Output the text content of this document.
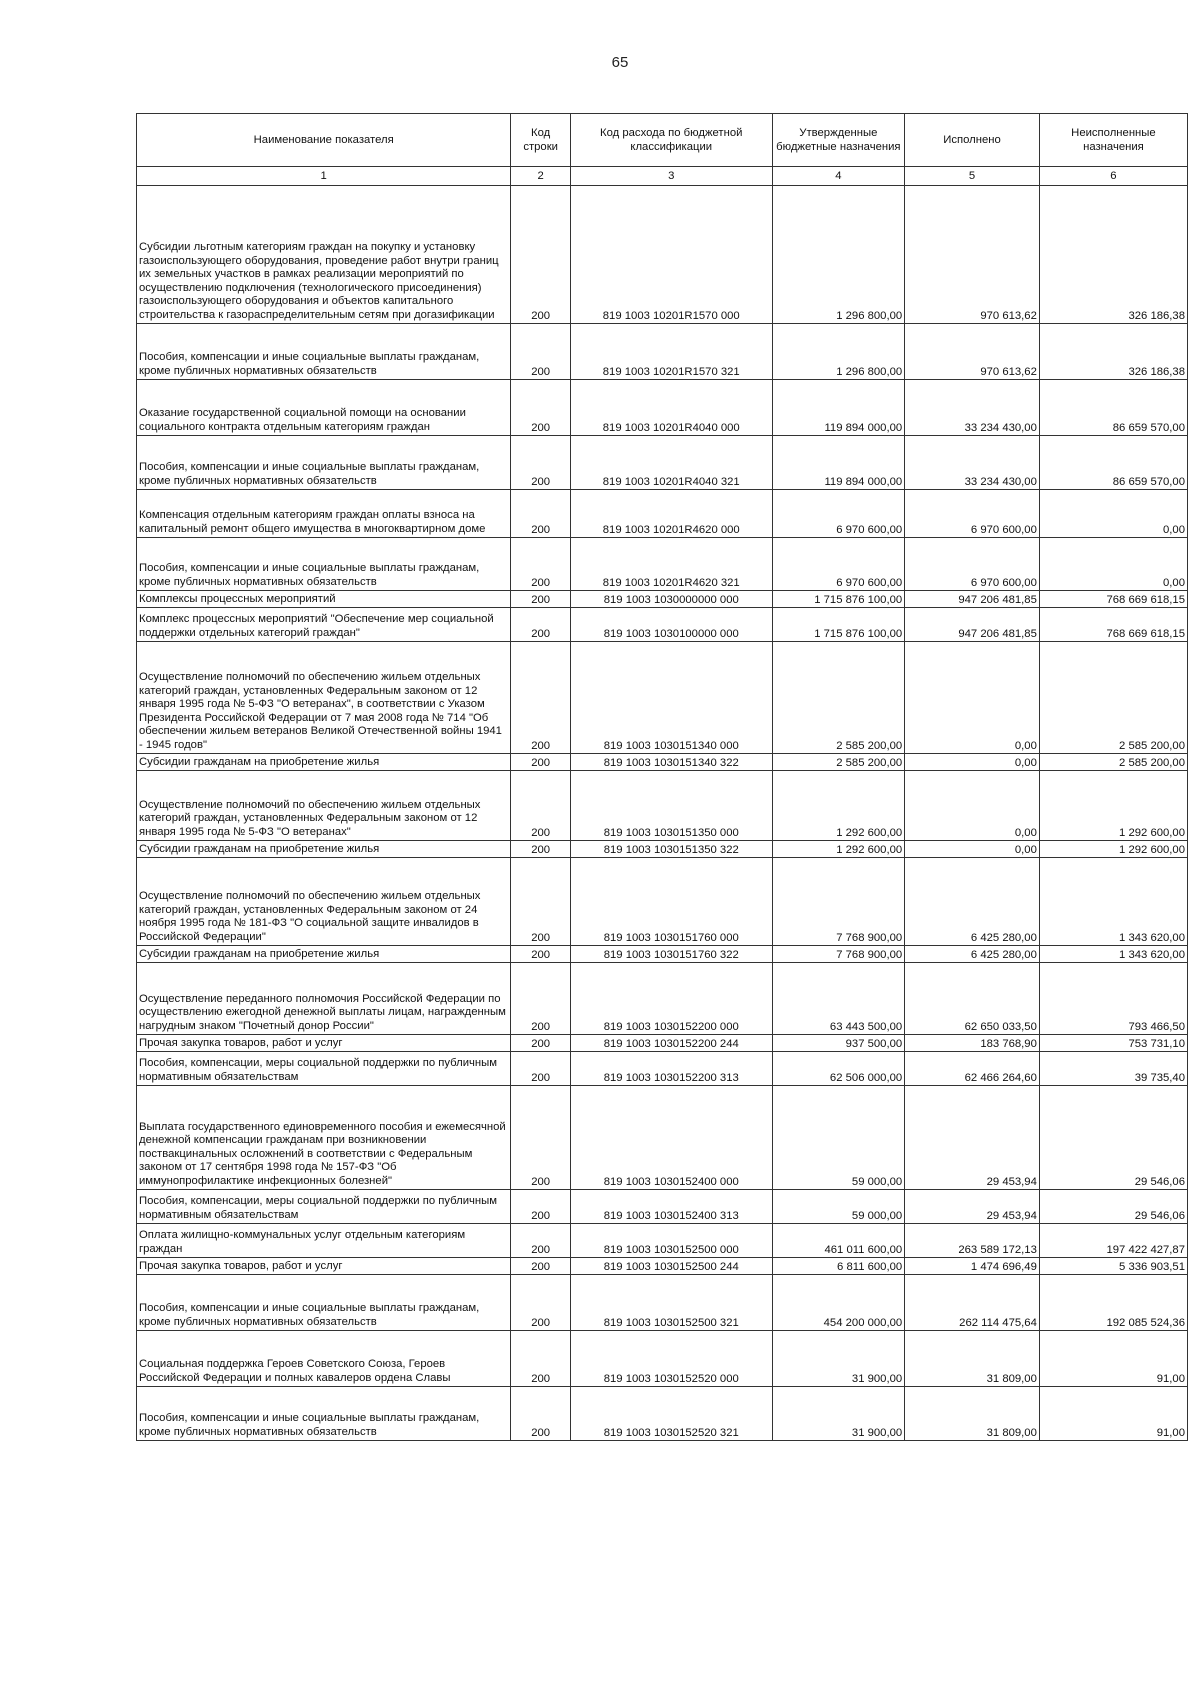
65
Наименование показателя	Код строки	Код расхода по бюджетной классификации	Утвержденные бюджетные назначения	Исполнено	Неисполненные назначения
1	2	3	4	5	6
Субсидии льготным категориям граждан на покупку и установку газоиспользующего оборудования, проведение работ внутри границ их земельных участков в рамках реализации мероприятий по осуществлению подключения (технологического присоединения) газоиспользующего оборудования и объектов капитального строительства к газораспределительным сетям при догазификации	200	819 1003 10201R1570 000	1 296 800,00	970 613,62	326 186,38
Пособия, компенсации и иные социальные выплаты гражданам, кроме публичных нормативных обязательств	200	819 1003 10201R1570 321	1 296 800,00	970 613,62	326 186,38
Оказание государственной социальной помощи на основании социального контракта отдельным категориям граждан	200	819 1003 10201R4040 000	119 894 000,00	33 234 430,00	86 659 570,00
Пособия, компенсации и иные социальные выплаты гражданам, кроме публичных нормативных обязательств	200	819 1003 10201R4040 321	119 894 000,00	33 234 430,00	86 659 570,00
Компенсация отдельным категориям граждан оплаты взноса на капитальный ремонт общего имущества в многоквартирном доме	200	819 1003 10201R4620 000	6 970 600,00	6 970 600,00	0,00
Пособия, компенсации и иные социальные выплаты гражданам, кроме публичных нормативных обязательств	200	819 1003 10201R4620 321	6 970 600,00	6 970 600,00	0,00
Комплексы процессных мероприятий	200	819 1003 1030000000 000	1 715 876 100,00	947 206 481,85	768 669 618,15
Комплекс процессных мероприятий "Обеспечение мер социальной поддержки отдельных категорий граждан"	200	819 1003 1030100000 000	1 715 876 100,00	947 206 481,85	768 669 618,15
Осуществление полномочий по обеспечению жильем отдельных категорий граждан, установленных Федеральным законом от 12 января 1995 года № 5-ФЗ "О ветеранах", в соответствии с Указом Президента Российской Федерации от 7 мая 2008 года № 714 "Об обеспечении жильем ветеранов Великой Отечественной войны 1941 - 1945 годов"	200	819 1003 1030151340 000	2 585 200,00	0,00	2 585 200,00
Субсидии гражданам на приобретение жилья	200	819 1003 1030151340 322	2 585 200,00	0,00	2 585 200,00
Осуществление полномочий по обеспечению жильем отдельных категорий граждан, установленных Федеральным законом от 12 января 1995 года № 5-ФЗ "О ветеранах"	200	819 1003 1030151350 000	1 292 600,00	0,00	1 292 600,00
Субсидии гражданам на приобретение жилья	200	819 1003 1030151350 322	1 292 600,00	0,00	1 292 600,00
Осуществление полномочий по обеспечению жильем отдельных категорий граждан, установленных Федеральным законом от 24 ноября 1995 года № 181-ФЗ "О социальной защите инвалидов в Российской Федерации"	200	819 1003 1030151760 000	7 768 900,00	6 425 280,00	1 343 620,00
Субсидии гражданам на приобретение жилья	200	819 1003 1030151760 322	7 768 900,00	6 425 280,00	1 343 620,00
Осуществление переданного полномочия Российской Федерации по осуществлению ежегодной денежной выплаты лицам, награжденным нагрудным знаком "Почетный донор России"	200	819 1003 1030152200 000	63 443 500,00	62 650 033,50	793 466,50
Прочая закупка товаров, работ и услуг	200	819 1003 1030152200 244	937 500,00	183 768,90	753 731,10
Пособия, компенсации, меры социальной поддержки по публичным нормативным обязательствам	200	819 1003 1030152200 313	62 506 000,00	62 466 264,60	39 735,40
Выплата государственного единовременного пособия и ежемесячной денежной компенсации гражданам при возникновении поствакцинальных осложнений в соответствии с Федеральным законом от 17 сентября 1998 года № 157-ФЗ "Об иммунопрофилактике инфекционных болезней"	200	819 1003 1030152400 000	59 000,00	29 453,94	29 546,06
Пособия, компенсации, меры социальной поддержки по публичным нормативным обязательствам	200	819 1003 1030152400 313	59 000,00	29 453,94	29 546,06
Оплата жилищно-коммунальных услуг отдельным категориям граждан	200	819 1003 1030152500 000	461 011 600,00	263 589 172,13	197 422 427,87
Прочая закупка товаров, работ и услуг	200	819 1003 1030152500 244	6 811 600,00	1 474 696,49	5 336 903,51
Пособия, компенсации и иные социальные выплаты гражданам, кроме публичных нормативных обязательств	200	819 1003 1030152500 321	454 200 000,00	262 114 475,64	192 085 524,36
Социальная поддержка Героев Советского Союза, Героев Российской Федерации и полных кавалеров ордена Славы	200	819 1003 1030152520 000	31 900,00	31 809,00	91,00
Пособия, компенсации и иные социальные выплаты гражданам, кроме публичных нормативных обязательств	200	819 1003 1030152520 321	31 900,00	31 809,00	91,00
